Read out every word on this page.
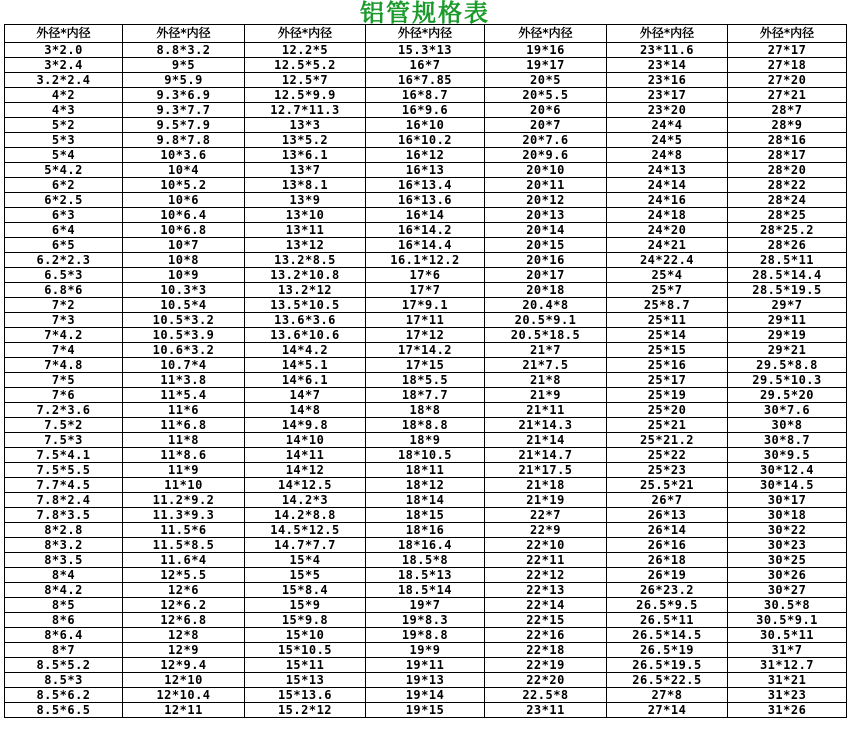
铝管规格表
外径*内径	外径*内径	外径*内径	外径*内径	外径*内径	外径*内径	外径*内径
3*2.0	8.8*3.2	12.2*5	15.3*13	19*16	23*11.6	27*17
3*2.4	9*5	12.5*5.2	16*7	19*17	23*14	27*18
3.2*2.4	9*5.9	12.5*7	16*7.85	20*5	23*16	27*20
4*2	9.3*6.9	12.5*9.9	16*8.7	20*5.5	23*17	27*21
4*3	9.3*7.7	12.7*11.3	16*9.6	20*6	23*20	28*7
5*2	9.5*7.9	13*3	16*10	20*7	24*4	28*9
5*3	9.8*7.8	13*5.2	16*10.2	20*7.6	24*5	28*16
5*4	10*3.6	13*6.1	16*12	20*9.6	24*8	28*17
5*4.2	10*4	13*7	16*13	20*10	24*13	28*20
6*2	10*5.2	13*8.1	16*13.4	20*11	24*14	28*22
6*2.5	10*6	13*9	16*13.6	20*12	24*16	28*24
6*3	10*6.4	13*10	16*14	20*13	24*18	28*25
6*4	10*6.8	13*11	16*14.2	20*14	24*20	28*25.2
6*5	10*7	13*12	16*14.4	20*15	24*21	28*26
6.2*2.3	10*8	13.2*8.5	16.1*12.2	20*16	24*22.4	28.5*11
6.5*3	10*9	13.2*10.8	17*6	20*17	25*4	28.5*14.4
6.8*6	10.3*3	13.2*12	17*7	20*18	25*7	28.5*19.5
7*2	10.5*4	13.5*10.5	17*9.1	20.4*8	25*8.7	29*7
7*3	10.5*3.2	13.6*3.6	17*11	20.5*9.1	25*11	29*11
7*4.2	10.5*3.9	13.6*10.6	17*12	20.5*18.5	25*14	29*19
7*4	10.6*3.2	14*4.2	17*14.2	21*7	25*15	29*21
7*4.8	10.7*4	14*5.1	17*15	21*7.5	25*16	29.5*8.8
7*5	11*3.8	14*6.1	18*5.5	21*8	25*17	29.5*10.3
7*6	11*5.4	14*7	18*7.7	21*9	25*19	29.5*20
7.2*3.6	11*6	14*8	18*8	21*11	25*20	30*7.6
7.5*2	11*6.8	14*9.8	18*8.8	21*14.3	25*21	30*8
7.5*3	11*8	14*10	18*9	21*14	25*21.2	30*8.7
7.5*4.1	11*8.6	14*11	18*10.5	21*14.7	25*22	30*9.5
7.5*5.5	11*9	14*12	18*11	21*17.5	25*23	30*12.4
7.7*4.5	11*10	14*12.5	18*12	21*18	25.5*21	30*14.5
7.8*2.4	11.2*9.2	14.2*3	18*14	21*19	26*7	30*17
7.8*3.5	11.3*9.3	14.2*8.8	18*15	22*7	26*13	30*18
8*2.8	11.5*6	14.5*12.5	18*16	22*9	26*14	30*22
8*3.2	11.5*8.5	14.7*7.7	18*16.4	22*10	26*16	30*23
8*3.5	11.6*4	15*4	18.5*8	22*11	26*18	30*25
8*4	12*5.5	15*5	18.5*13	22*12	26*19	30*26
8*4.2	12*6	15*8.4	18.5*14	22*13	26*23.2	30*27
8*5	12*6.2	15*9	19*7	22*14	26.5*9.5	30.5*8
8*6	12*6.8	15*9.8	19*8.3	22*15	26.5*11	30.5*9.1
8*6.4	12*8	15*10	19*8.8	22*16	26.5*14.5	30.5*11
8*7	12*9	15*10.5	19*9	22*18	26.5*19	31*7
8.5*5.2	12*9.4	15*11	19*11	22*19	26.5*19.5	31*12.7
8.5*3	12*10	15*13	19*13	22*20	26.5*22.5	31*21
8.5*6.2	12*10.4	15*13.6	19*14	22.5*8	27*8	31*23
8.5*6.5	12*11	15.2*12	19*15	23*11	27*14	31*26
